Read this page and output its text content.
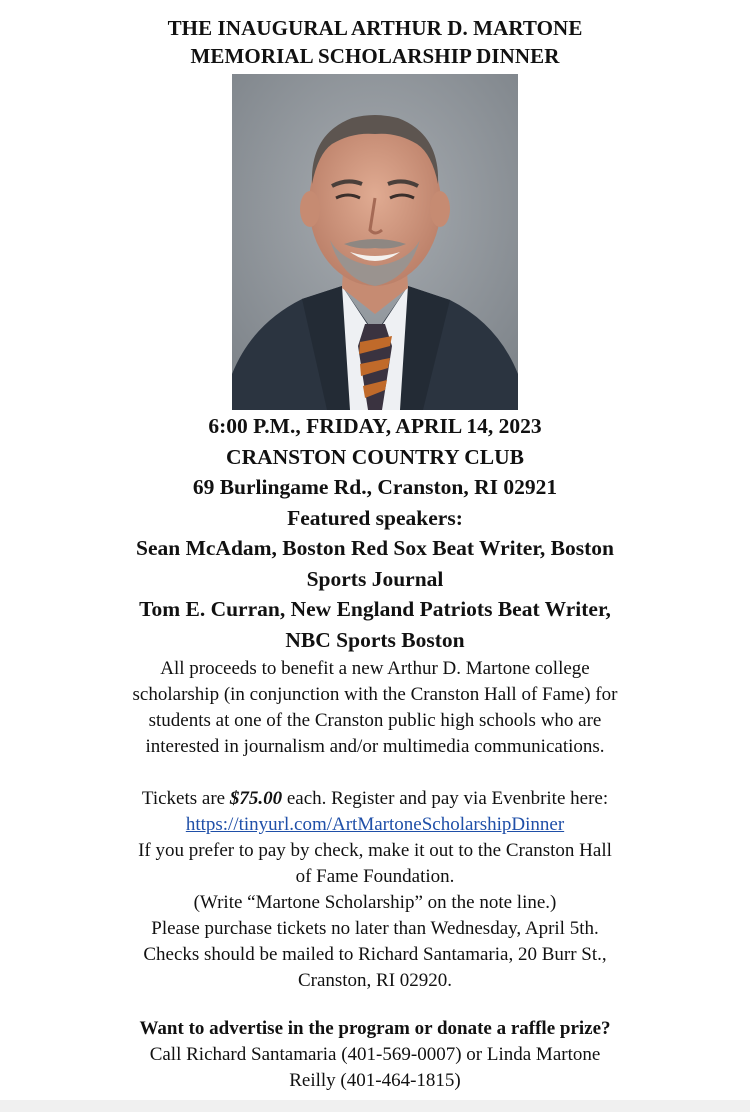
THE INAUGURAL ARTHUR D. MARTONE
MEMORIAL SCHOLARSHIP DINNER
6:00 P.M., FRIDAY, APRIL 14, 2023
CRANSTON COUNTRY CLUB
69 Burlingame Rd., Cranston, RI 02921
Featured speakers:
Sean McAdam, Boston Red Sox Beat Writer, Boston
Sports Journal
Tom E. Curran, New England Patriots Beat Writer,
NBC Sports Boston
All proceeds to benefit a new Arthur D. Martone college
scholarship (in conjunction with the Cranston Hall of Fame) for
students at one of the Cranston public high schools who are
interested in journalism and/or multimedia communications.
Tickets are $75.00 each. Register and pay via Evenbrite here:
https://tinyurl.com/ArtMartoneScholarshipDinner
If you prefer to pay by check, make it out to the Cranston Hall
of Fame Foundation.
(Write “Martone Scholarship” on the note line.)
Please purchase tickets no later than Wednesday, April 5th.
Checks should be mailed to Richard Santamaria, 20 Burr St.,
Cranston, RI 02920.
Want to advertise in the program or donate a raffle prize?
Call Richard Santamaria (401-569-0007) or Linda Martone
Reilly (401-464-1815)
